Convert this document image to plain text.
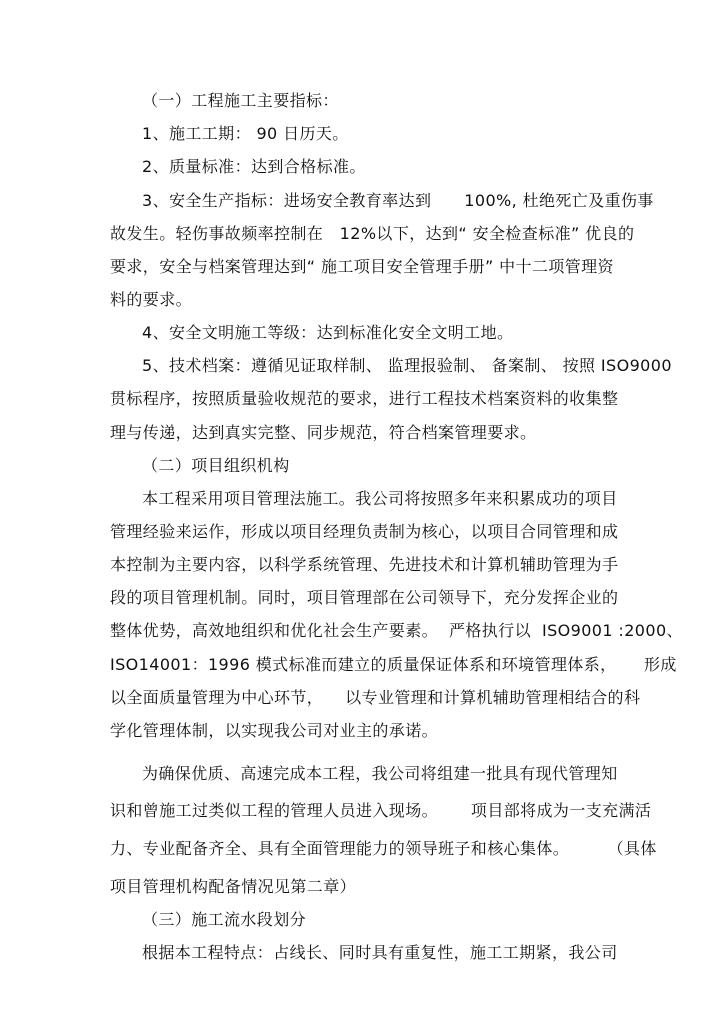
（一）工程施工主要指标：
1、施工工期： 90 日历天。
2、质量标准：达到合格标准。
3、安全生产指标：进场安全教育率达到      100%, 杜绝死亡及重伤事
故发生。轻伤事故频率控制在   12%以下，达到“ 安全检查标准” 优良的
要求，安全与档案管理达到“ 施工项目安全管理手册” 中十二项管理资
料的要求。
4、安全文明施工等级：达到标准化安全文明工地。
5、技术档案：遵循见证取样制、 监理报验制、 备案制、 按照 ISO9000
贯标程序，按照质量验收规范的要求，进行工程技术档案资料的收集整
理与传递，达到真实完整、同步规范，符合档案管理要求。
（二）项目组织机构
本工程采用项目管理法施工。我公司将按照多年来积累成功的项目
管理经验来运作，形成以项目经理负责制为核心，以项目合同管理和成
本控制为主要内容，以科学系统管理、先进技术和计算机辅助管理为手
段的项目管理机制。同时，项目管理部在公司领导下，充分发挥企业的
整体优势，高效地组织和优化社会生产要素。  严格执行以  ISO9001 :2000、
ISO14001：1996 模式标准而建立的质量保证体系和环境管理体系，     形成
以全面质量管理为中心环节，    以专业管理和计算机辅助管理相结合的科
学化管理体制，以实现我公司对业主的承诺。
为确保优质、高速完成本工程，我公司将组建一批具有现代管理知
识和曾施工过类似工程的管理人员进入现场。      项目部将成为一支充满活
力、专业配备齐全、具有全面管理能力的领导班子和核心集体。       （具体
项目管理机构配备情况见第二章）
（三）施工流水段划分
根据本工程特点：占线长、同时具有重复性，施工工期紧，我公司
